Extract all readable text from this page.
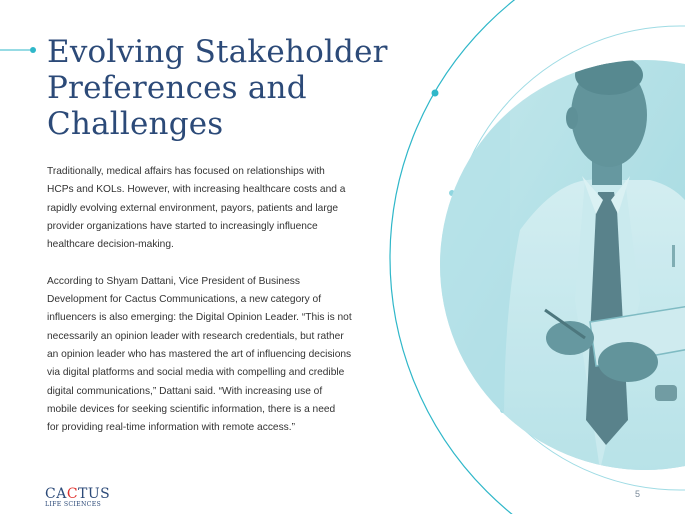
Evolving Stakeholder
Preferences and
Challenges
Traditionally, medical affairs has focused on relationships with
HCPs and KOLs. However, with increasing healthcare costs and a
rapidly evolving external environment, payors, patients and large
provider organizations have started to increasingly influence
healthcare decision-making.
According to Shyam Dattani, Vice President of Business
Development for Cactus Communications, a new category of
influencers is also emerging: the Digital Opinion Leader. “This is not
necessarily an opinion leader with research credentials, but rather
an opinion leader who has mastered the art of influencing decisions
via digital platforms and social media with compelling and credible
digital communications,” Dattani said. “With increasing use of
mobile devices for seeking scientific information, there is a need
for providing real-time information with remote access.”
CACTUS
LIFE SCIENCES
5
